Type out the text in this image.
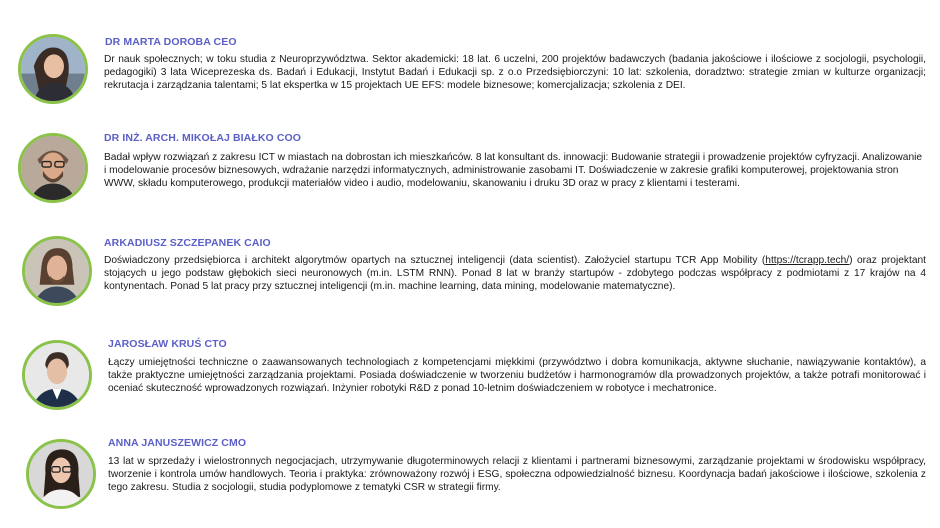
DR MARTA DOROBA CEO
Dr nauk społecznych; w toku studia z Neuroprzywództwa. Sektor akademicki: 18 lat. 6 uczelni, 200 projektów badawczych (badania jakościowe i ilościowe z socjologii, psychologii, pedagogiki) 3 lata Wiceprezeska ds. Badań i Edukacji, Instytut Badań i Edukacji sp. z o.o Przedsiębiorczyni: 10 lat: szkolenia, doradztwo: strategie zmian w kulturze organizacji; rekrutacja i zarządzania talentami; 5 lat ekspertka w 15 projektach UE EFS: modele biznesowe; komercjalizacja; szkolenia z DEI.
DR INŻ. ARCH. MIKOŁAJ BIAŁKO COO
Badał wpływ rozwiązań z zakresu ICT w miastach na dobrostan ich mieszkańców. 8 lat konsultant ds. innowacji: Budowanie strategii i prowadzenie projektów cyfryzacji. Analizowanie i modelowanie procesów biznesowych, wdrażanie narzędzi informatycznych, administrowanie zasobami IT. Doświadczenie w zakresie grafiki komputerowej, projektowania stron WWW, składu komputerowego, produkcji materiałów video i audio, modelowaniu, skanowaniu i druku 3D oraz w pracy z klientami i testerami.
ARKADIUSZ SZCZEPANEK CAIO
Doświadczony przedsiębiorca i architekt algorytmów opartych na sztucznej inteligencji (data scientist). Założyciel startupu TCR App Mobility (https://tcrapp.tech/) oraz projektant stojących u jego podstaw głębokich sieci neuronowych (m.in. LSTM RNN). Ponad 8 lat w branży startupów - zdobytego podczas współpracy z podmiotami z 17 krajów na 4 kontynentach. Ponad 5 lat pracy przy sztucznej inteligencji (m.in. machine learning, data mining, modelowanie matematyczne).
JAROSŁAW KRUŚ CTO
Łączy umiejętności techniczne o zaawansowanych technologiach z kompetencjami miękkimi (przywództwo i dobra komunikacja, aktywne słuchanie, nawiązywanie kontaktów), a także praktyczne umiejętności zarządzania projektami. Posiada doświadczenie w tworzeniu budżetów i harmonogramów dla prowadzonych projektów, a także potrafi monitorować i oceniać skuteczność wprowadzonych rozwiązań. Inżynier robotyki R&D z ponad 10-letnim doświadczeniem w robotyce i mechatronice.
ANNA JANUSZEWICZ CMO
13 lat w sprzedaży i wielostronnych negocjacjach, utrzymywanie długoterminowych relacji z klientami i partnerami biznesowymi, zarządzanie projektami w środowisku współpracy, tworzenie i kontrola umów handlowych. Teoria i praktyka: zrównoważony rozwój i ESG, społeczna odpowiedzialność biznesu. Koordynacja badań jakościowe i ilościowe, szkolenia z tego zakresu. Studia z socjologii, studia podyplomowe z tematyki CSR w strategii firmy.
